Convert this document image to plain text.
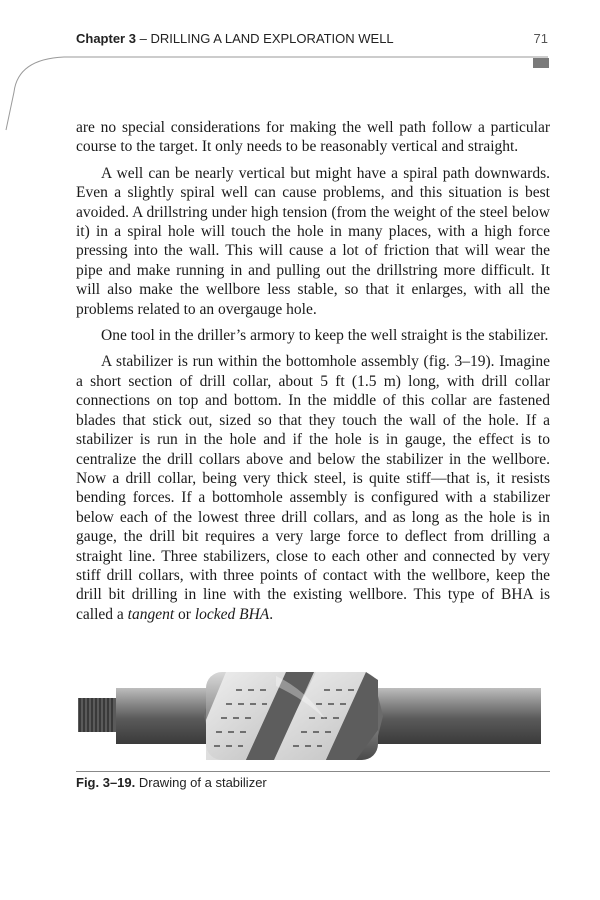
Chapter 3 – DRILLING A LAND EXPLORATION WELL	71

are no special considerations for making the well path follow a particular course to the target. It only needs to be reasonably vertical and straight.

A well can be nearly vertical but might have a spiral path downwards. Even a slightly spiral well can cause problems, and this situation is best avoided. A drillstring under high tension (from the weight of the steel below it) in a spiral hole will touch the hole in many places, with a high force pressing into the wall. This will cause a lot of friction that will wear the pipe and make running in and pulling out the drillstring more difficult. It will also make the wellbore less stable, so that it enlarges, with all the problems related to an overgauge hole.

One tool in the driller’s armory to keep the well straight is the stabilizer.

A stabilizer is run within the bottomhole assembly (fig. 3–19). Imagine a short section of drill collar, about 5 ft (1.5 m) long, with drill collar connections on top and bottom. In the middle of this collar are fastened blades that stick out, sized so that they touch the wall of the hole. If a stabilizer is run in the hole and if the hole is in gauge, the effect is to centralize the drill collars above and below the stabilizer in the wellbore. Now a drill collar, being very thick steel, is quite stiff—that is, it resists bending forces. If a bottomhole assembly is configured with a stabilizer below each of the lowest three drill collars, and as long as the hole is in gauge, the drill bit requires a very large force to deflect from drilling a straight line. Three stabilizers, close to each other and connected by very stiff drill collars, with three points of contact with the wellbore, keep the drill bit drilling in line with the existing wellbore. This type of BHA is called a tangent or locked BHA.

Fig. 3–19. Drawing of a stabilizer
